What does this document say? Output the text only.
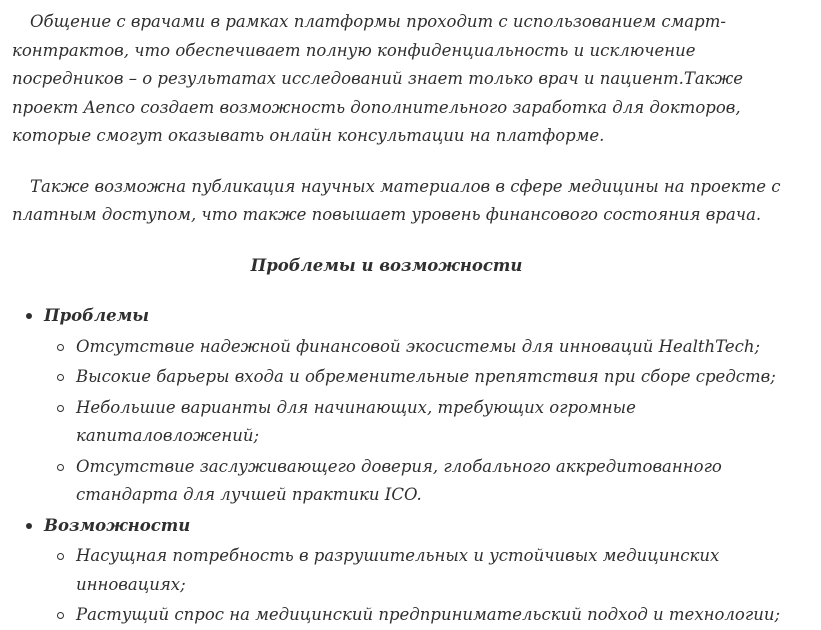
Общение с врачами в рамках платформы проходит с использованием смарт-контрактов, что обеспечивает полную конфиденциальность и исключение посредников – о результатах исследований знает только врач и пациент.Также проект Aenco создает возможность дополнительного заработка для докторов, которые смогут оказывать онлайн консультации на платформе.

Также возможна публикация научных материалов в сфере медицины на проекте с платным доступом, что также повышает уровень финансового состояния врача.

Проблемы и возможности
Проблемы
Отсутствие надежной финансовой экосистемы для инноваций HealthTech;
Высокие барьеры входа и обременительные препятствия при сборе средств;
Небольшие варианты для начинающих, требующих огромные капиталовложений;
Отсутствие заслуживающего доверия, глобального аккредитованного стандарта для лучшей практики ICO.
Возможности
Насущная потребность в разрушительных и устойчивых медицинских инновациях;
Растущий спрос на медицинский предпринимательский подход и технологии;
